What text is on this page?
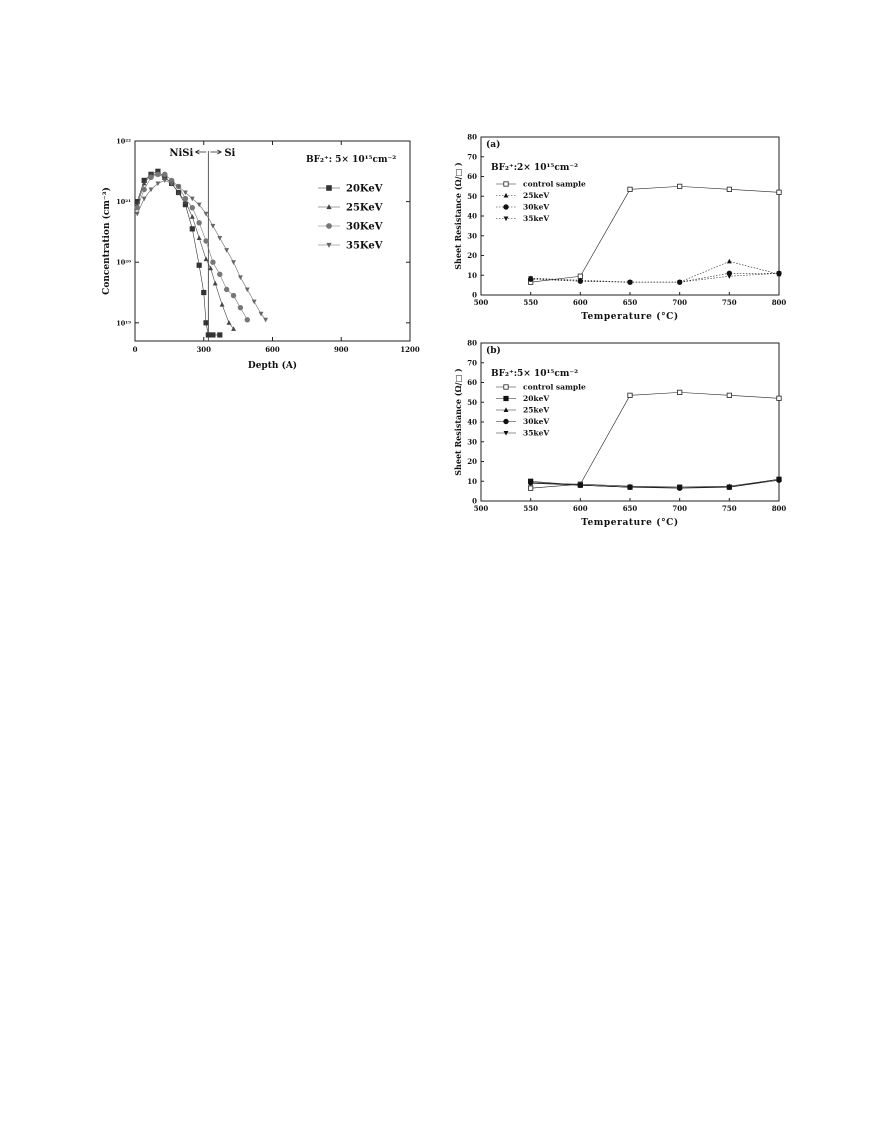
0	300	600	900	1200
10¹⁹
10²⁰
10²¹
10²²
Depth (A)
Concentration (cm⁻³)
NiSi	Si
BF₂⁺: 5× 10¹⁵cm⁻²
20KeV
25KeV
30KeV
35KeV
500	550	600	650	700	750	800
0
10
20
30
40
50
60
70
80
Temperature (°C)
Sheet Resistance (Ω/□ )
(a)
BF₂⁺:2× 10¹⁵cm⁻²
control sample
25keV
30keV
35keV
500	550	600	650	700	750	800
0
10
20
30
40
50
60
70
80
Temperature (°C)
Sheet Resistance (Ω/□ )
(b)
BF₂⁺:5× 10¹⁵cm⁻²
control sample
20keV
25keV
30keV
35keV
